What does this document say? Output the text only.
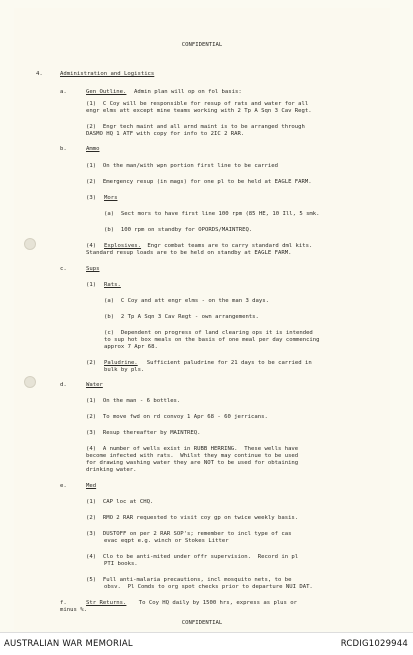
CONFIDENTIAL
4.	Administration and Logistics
a.	Gen Outline. Admin plan will op on fol basis:
(1)  C Coy will be responsible for resup of rats and water for all
engr elms att except mine teams working with 2 Tp A Sqn 3 Cav Regt.
(2)  Engr tech maint and all arnd maint is to be arranged through
DASMO HQ 1 ATF with copy for info to 2IC 2 RAR.
b.	Ammo
(1)  On the man/with wpn portion first line to be carried
(2)  Emergency resup (in mags) for one pl to be held at EAGLE FARM.
(3) Mors
(a)  Sect mors to have first line 100 rpm (85 HE, 10 Ill, 5 smk.
(b)  100 rpm on standby for OPORDS/MAINTREQ.
(4) Explosives. Engr combat teams are to carry standard dml kits.
Standard resup loads are to be held on standby at EAGLE FARM.
c.	Sups
(1) Rats.
(a)  C Coy and att engr elms - on the man 3 days.
(b)  2 Tp A Sqn 3 Cav Regt - own arrangements.
(c)  Dependent on progress of land clearing ops it is intended
to sup hot box meals on the basis of one meal per day commencing
approx 7 Apr 68.
(2) Paludrine. Sufficient paludrine for 21 days to be carried in
bulk by pls.
d.	Water
(1)  On the man - 6 bottles.
(2)  To move fwd on rd convoy 1 Apr 68 - 60 jerricans.
(3)  Resup thereafter by MAINTREQ.
(4)  A number of wells exist in RUBB HERRING.  These wells have
become infected with rats.  Whilst they may continue to be used
for drawing washing water they are NOT to be used for obtaining
drinking water.
e.	Med
(1)  CAP loc at CHQ.
(2)  RMO 2 RAR requested to visit coy gp on twice weekly basis.
(3)  DUSTOFF on per 2 RAR SOP's; remember to incl type of cas
evac eqpt e.g. winch or Stokes Litter
(4)  Clo to be anti-mited under offr supervision.  Record in pl
PTI books.
(5)  Full anti-malaria precautions, incl mosquito nets, to be
obsv.  Pl Comds to org spot checks prior to departure NUI DAT.
f.	Str Returns. To Coy HQ daily by 1500 hrs, express as plus or
minus %.
CONFIDENTIAL
AUSTRALIAN WAR MEMORIAL	RCDIG1029944
